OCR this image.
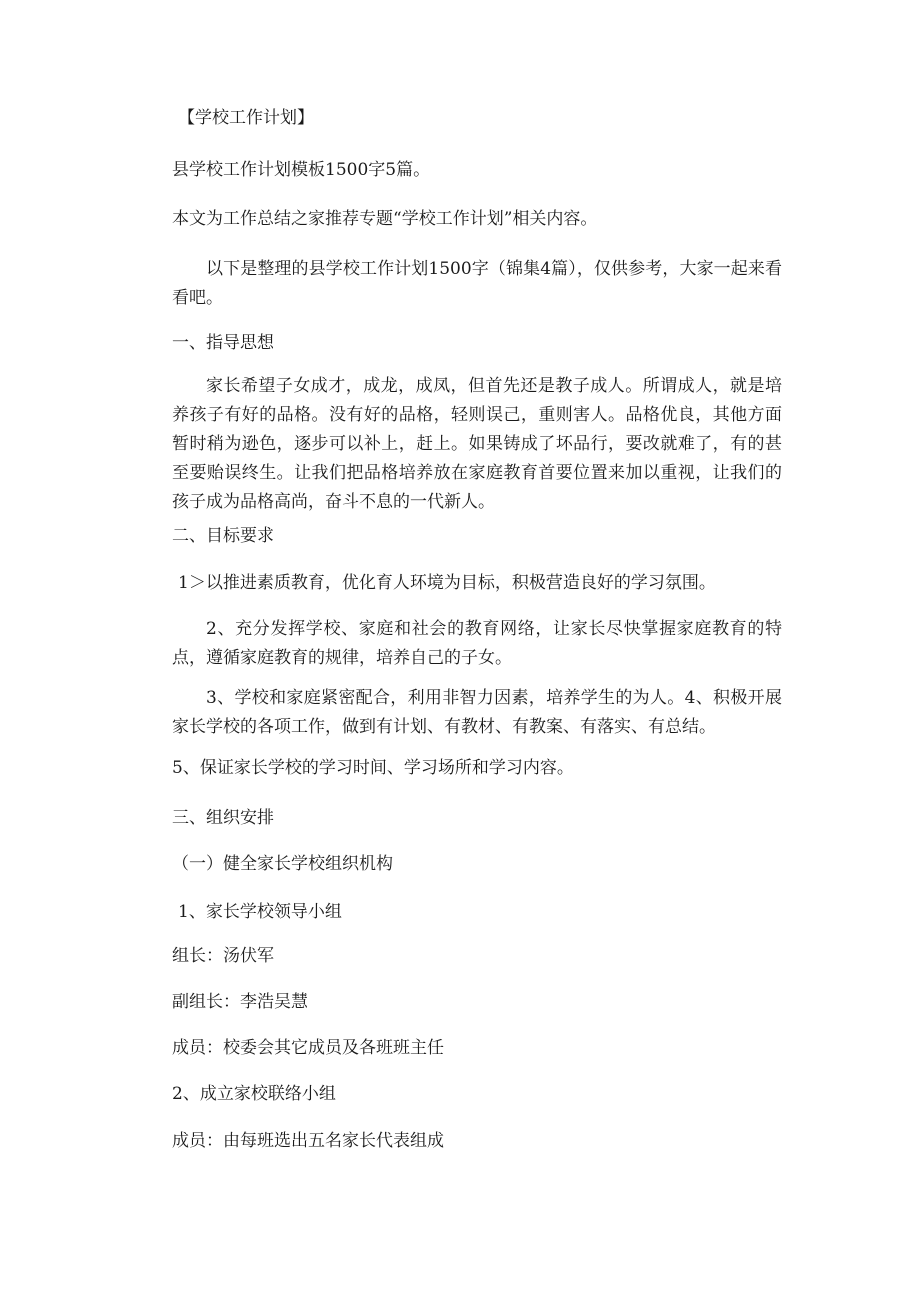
【学校工作计划】
县学校工作计划模板1500字5篇。
本文为工作总结之家推荐专题“学校工作计划”相关内容。
以下是整理的县学校工作计划1500字（锦集4篇），仅供参考，大家一起来看看吧。
一、指导思想
家长希望子女成才，成龙，成凤，但首先还是教子成人。所谓成人，就是培养孩子有好的品格。没有好的品格，轻则误己，重则害人。品格优良，其他方面暂时稍为逊色，逐步可以补上，赶上。如果铸成了坏品行，要改就难了，有的甚至要贻误终生。让我们把品格培养放在家庭教育首要位置来加以重视，让我们的孩子成为品格高尚，奋斗不息的一代新人。
二、目标要求
1＞以推进素质教育，优化育人环境为目标，积极营造良好的学习氛围。
2、充分发挥学校、家庭和社会的教育网络，让家长尽快掌握家庭教育的特点，遵循家庭教育的规律，培养自己的子女。
3、学校和家庭紧密配合，利用非智力因素，培养学生的为人。4、积极开展家长学校的各项工作，做到有计划、有教材、有教案、有落实、有总结。
5、保证家长学校的学习时间、学习场所和学习内容。
三、组织安排
（一）健全家长学校组织机构
1、家长学校领导小组
组长：汤伏军
副组长：李浩吴慧
成员：校委会其它成员及各班班主任
2、成立家校联络小组
成员：由每班选出五名家长代表组成
